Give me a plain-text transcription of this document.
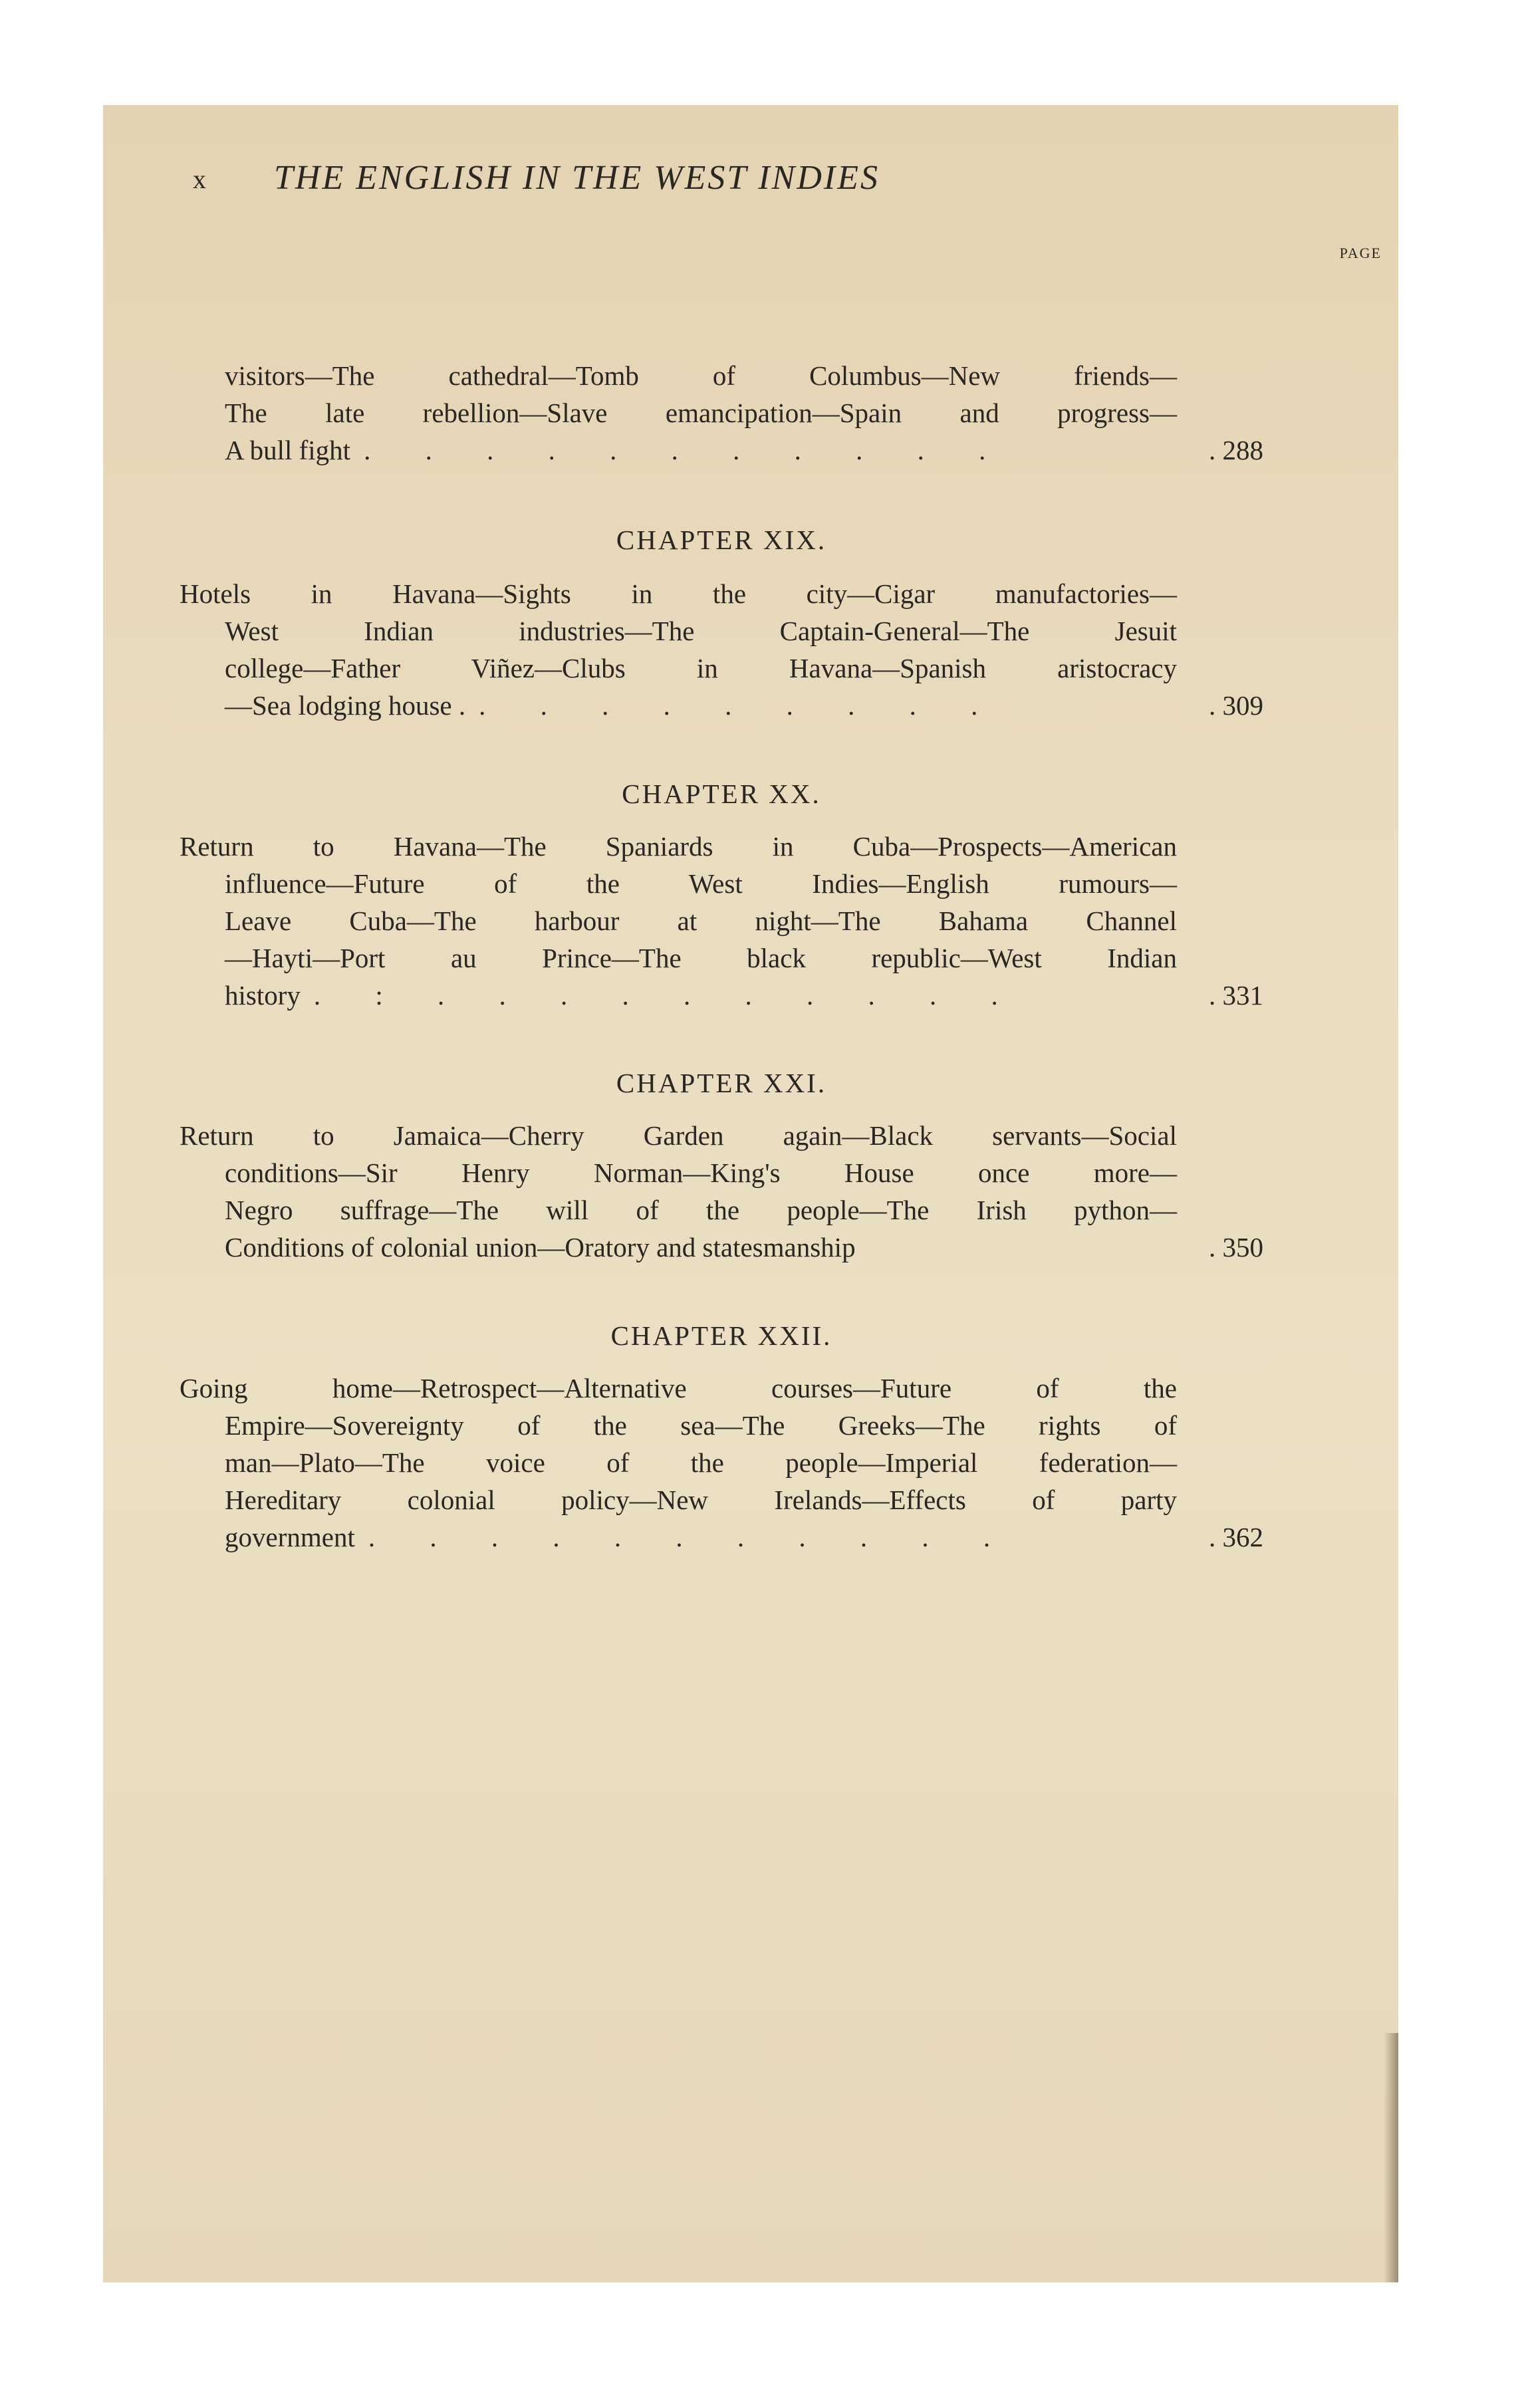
x THE ENGLISH IN THE WEST INDIES
PAGE
visitors—The cathedral—Tomb of Columbus—New friends—
The late rebellion—Slave emancipation—Spain and progress—
A bull fight . . . . . . . . . . .	. 288
CHAPTER XIX.
Hotels in Havana—Sights in the city—Cigar manufactories—
West Indian industries—The Captain-General—The Jesuit
college—Father Viñez—Clubs in Havana—Spanish aristocracy
—Sea lodging house . . . . . . . . . .	. 309
CHAPTER XX.
Return to Havana—The Spaniards in Cuba—Prospects—American
influence—Future of the West Indies—English rumours—
Leave Cuba—The harbour at night—The Bahama Channel
—Hayti—Port au Prince—The black republic—West Indian
history . : . . . . . . . . . .	. 331
CHAPTER XXI.
Return to Jamaica—Cherry Garden again—Black servants—Social
conditions—Sir Henry Norman—King's House once more—
Negro suffrage—The will of the people—The Irish python—
Conditions of colonial union—Oratory and statesmanship	. 350
CHAPTER XXII.
Going home—Retrospect—Alternative courses—Future of the
Empire—Sovereignty of the sea—The Greeks—The rights of
man—Plato—The voice of the people—Imperial federation—
Hereditary colonial policy—New Irelands—Effects of party
government . . . . . . . . . . .	. 362
